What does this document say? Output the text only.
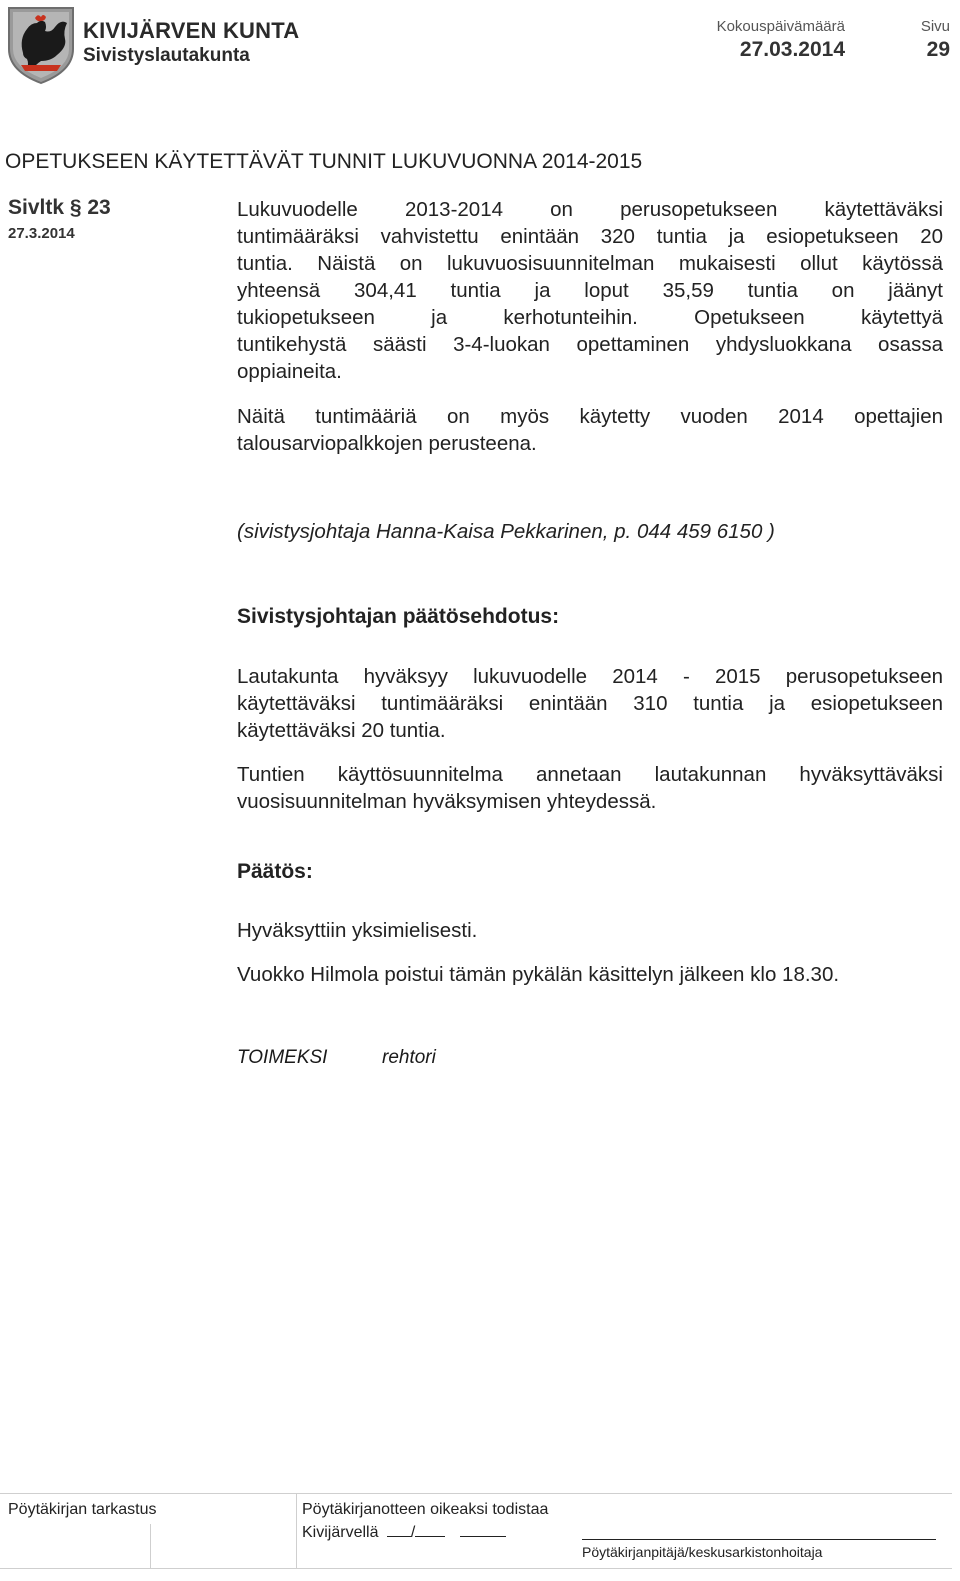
KIVIJÄRVEN KUNTA
Sivistyslautakunta
Kokouspäivämäärä
27.03.2014
Sivu
29
OPETUKSEEN KÄYTETTÄVÄT TUNNIT LUKUVUONNA 2014-2015
Sivltk § 23
27.3.2014
Lukuvuodelle 2013-2014 on perusopetukseen käytettäväksi
tuntimääräksi vahvistettu enintään 320 tuntia ja esiopetukseen 20
tuntia. Näistä on lukuvuosisuunnitelman mukaisesti ollut käytössä
yhteensä 304,41 tuntia ja loput 35,59 tuntia on jäänyt
tukiopetukseen ja kerhotunteihin. Opetukseen käytettyä
tuntikehystä säästi 3-4-luokan opettaminen yhdysluokkana osassa
oppiaineita.
Näitä tuntimääriä on myös käytetty vuoden 2014 opettajien
talousarviopalkkojen perusteena.
(sivistysjohtaja Hanna-Kaisa Pekkarinen, p. 044 459 6150 )
Sivistysjohtajan päätösehdotus:
Lautakunta hyväksyy lukuvuodelle 2014 - 2015 perusopetukseen
käytettäväksi tuntimääräksi enintään 310 tuntia ja esiopetukseen
käytettäväksi 20 tuntia.
Tuntien käyttösuunnitelma annetaan lautakunnan hyväksyttäväksi
vuosisuunnitelman hyväksymisen yhteydessä.
Päätös:
Hyväksyttiin yksimielisesti.
Vuokko Hilmola poistui tämän pykälän käsittelyn jälkeen klo 18.30.
TOIMEKSI	rehtori
Pöytäkirjan tarkastus	Pöytäkirjanotteen oikeaksi todistaa
Kivijärvellä /
Pöytäkirjanpitäjä/keskusarkistonhoitaja
